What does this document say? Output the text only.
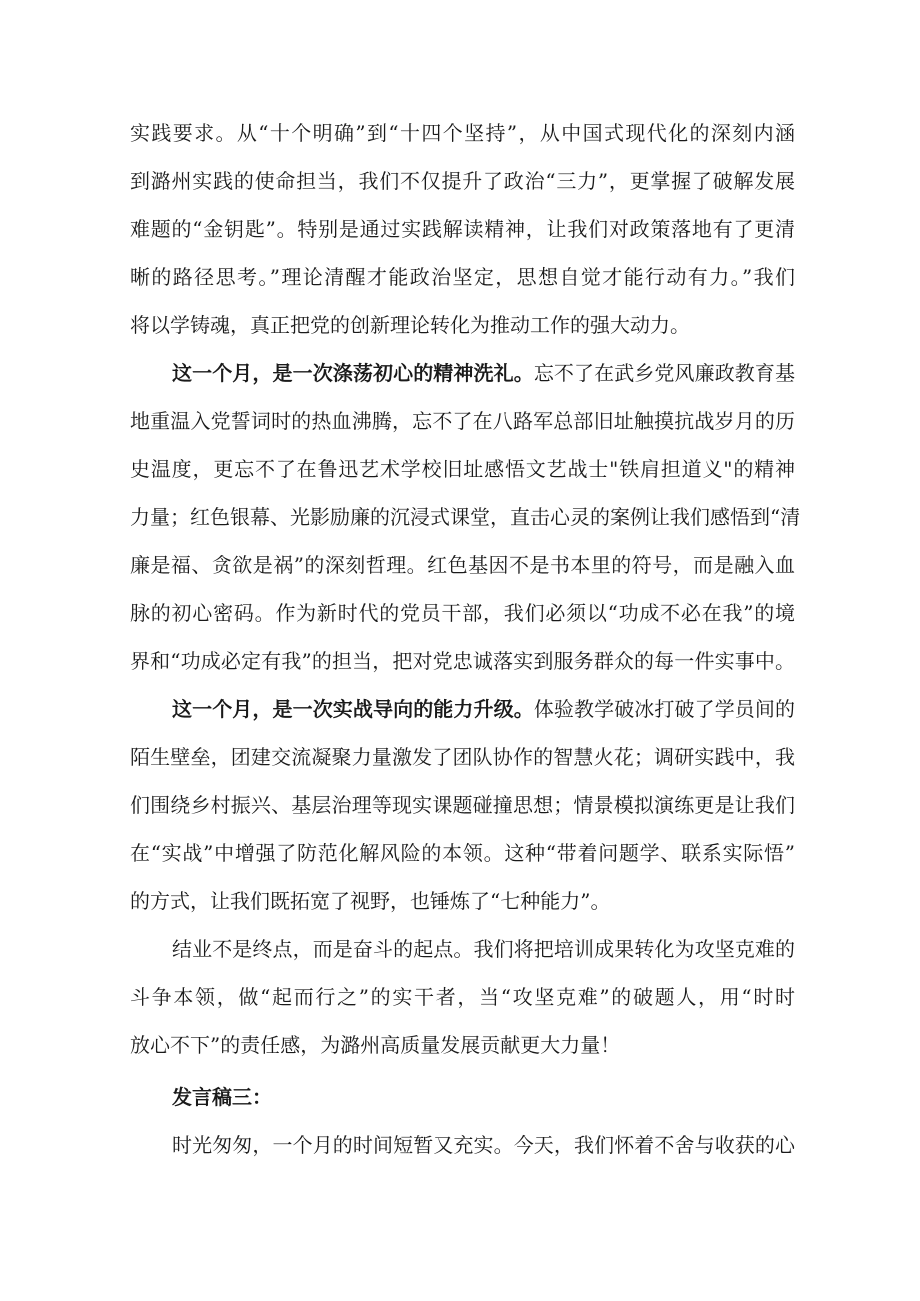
实践要求。从“十个明确”到“十四个坚持”，从中国式现代化的深刻内涵
到潞州实践的使命担当，我们不仅提升了政治“三力”，更掌握了破解发展
难题的“金钥匙”。特别是通过实践解读精神，让我们对政策落地有了更清
晰的路径思考。”理论清醒才能政治坚定，思想自觉才能行动有力。”我们
将以学铸魂，真正把党的创新理论转化为推动工作的强大动力。
这一个月，是一次涤荡初心的精神洗礼。忘不了在武乡党风廉政教育基
地重温入党誓词时的热血沸腾，忘不了在八路军总部旧址触摸抗战岁月的历
史温度，更忘不了在鲁迅艺术学校旧址感悟文艺战士"铁肩担道义"的精神
力量；红色银幕、光影励廉的沉浸式课堂，直击心灵的案例让我们感悟到“清
廉是福、贪欲是祸”的深刻哲理。红色基因不是书本里的符号，而是融入血
脉的初心密码。作为新时代的党员干部，我们必须以“功成不必在我”的境
界和“功成必定有我”的担当，把对党忠诚落实到服务群众的每一件实事中。
这一个月，是一次实战导向的能力升级。体验教学破冰打破了学员间的
陌生壁垒，团建交流凝聚力量激发了团队协作的智慧火花；调研实践中，我
们围绕乡村振兴、基层治理等现实课题碰撞思想；情景模拟演练更是让我们
在“实战”中增强了防范化解风险的本领。这种“带着问题学、联系实际悟”
的方式，让我们既拓宽了视野，也锤炼了“七种能力”。
结业不是终点，而是奋斗的起点。我们将把培训成果转化为攻坚克难的
斗争本领，做“起而行之”的实干者，当“攻坚克难”的破题人，用“时时
放心不下”的责任感，为潞州高质量发展贡献更大力量！
发言稿三：
时光匆匆，一个月的时间短暂又充实。今天，我们怀着不舍与收获的心
